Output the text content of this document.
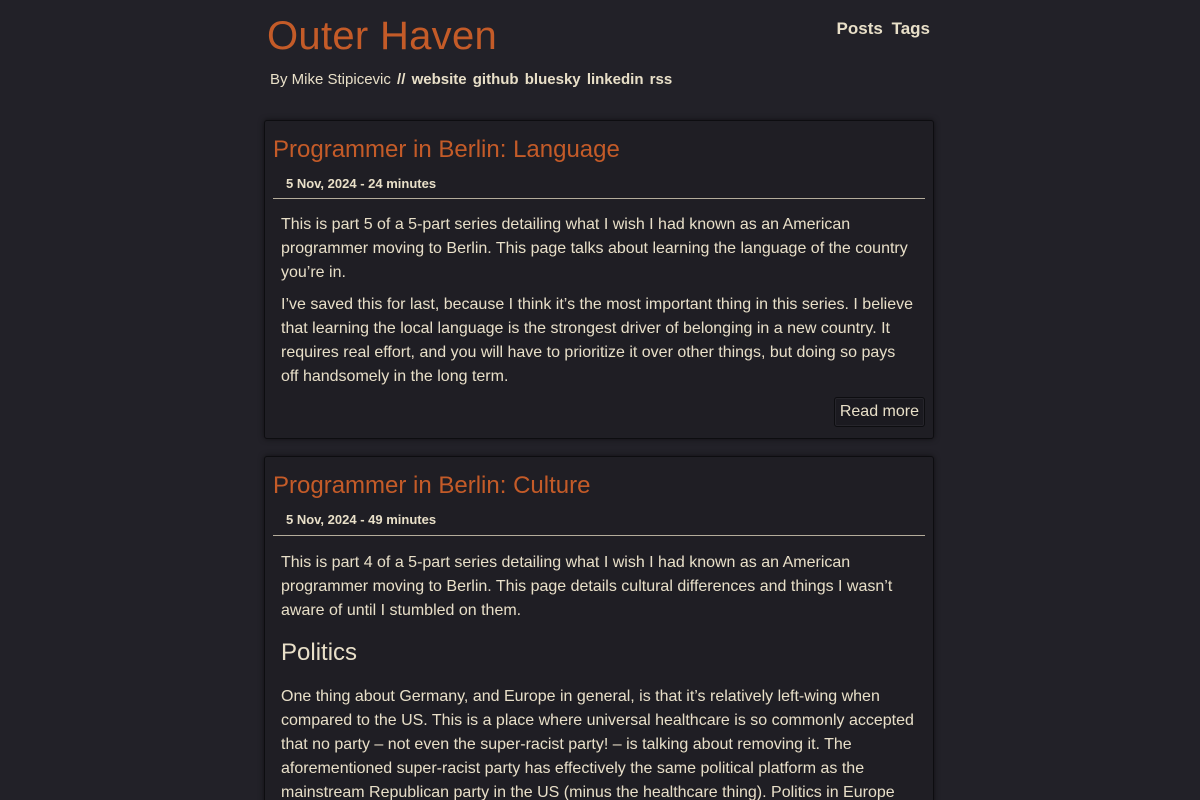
Outer Haven	Posts Tags
By Mike Stipicevic // website github bluesky linkedin rss
Programmer in Berlin: Language
5 Nov, 2024 - 24 minutes

This is part 5 of a 5-part series detailing what I wish I had known as an American programmer moving to Berlin. This page talks about learning the language of the country you’re in.

I’ve saved this for last, because I think it’s the most important thing in this series. I believe that learning the local language is the strongest driver of belonging in a new country. It requires real effort, and you will have to prioritize it over other things, but doing so pays off handsomely in the long term.

Read more
Programmer in Berlin: Culture
5 Nov, 2024 - 49 minutes

This is part 4 of a 5-part series detailing what I wish I had known as an American programmer moving to Berlin. This page details cultural differences and things I wasn’t aware of until I stumbled on them.

Politics

One thing about Germany, and Europe in general, is that it’s relatively left-wing when compared to the US. This is a place where universal healthcare is so commonly accepted that no party – not even the super-racist party! – is talking about removing it. The aforementioned super-racist party has effectively the same political platform as the mainstream Republican party in the US (minus the healthcare thing). Politics in Europe
